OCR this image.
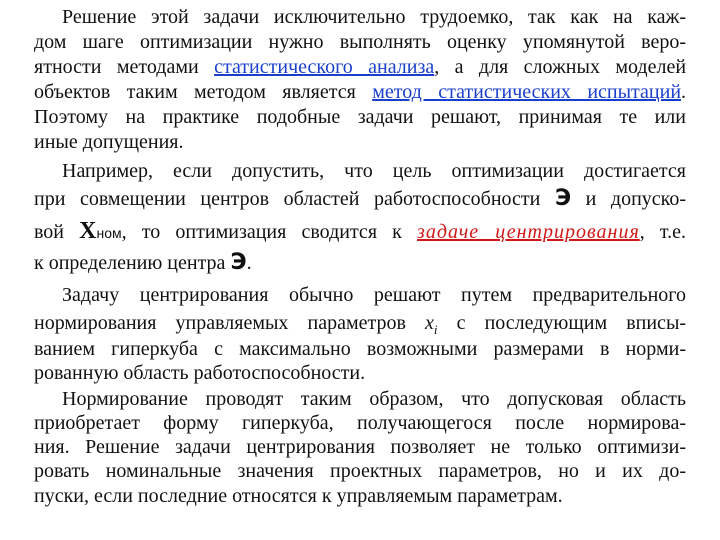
Решение этой задачи исключительно трудоемко, так как на каж-
дом шаге оптимизации нужно выполнять оценку упомянутой веро-
ятности методами статистического анализа, а для сложных моделей
объектов таким методом является метод статистических испытаций.
Поэтому на практике подобные задачи решают, принимая те или
иные допущения.
Например, если допустить, что цель оптимизации достигается
при совмещении центров областей работоспособности Э и допуско-
вой Xном, то оптимизация сводится к задаче центрирования, т.е.
к определению центра Э.
Задачу центрирования обычно решают путем предварительного
нормирования управляемых параметров $x_i$ с последующим вписы-
ванием гиперкуба с максимально возможными размерами в норми-
рованную область работоспособности.
Нормирование проводят таким образом, что допусковая область
приобретает форму гиперкуба, получающегося после нормирова-
ния. Решение задачи центрирования позволяет не только оптимизи-
ровать номинальные значения проектных параметров, но и их до-
пуски, если последние относятся к управляемым параметрам.
